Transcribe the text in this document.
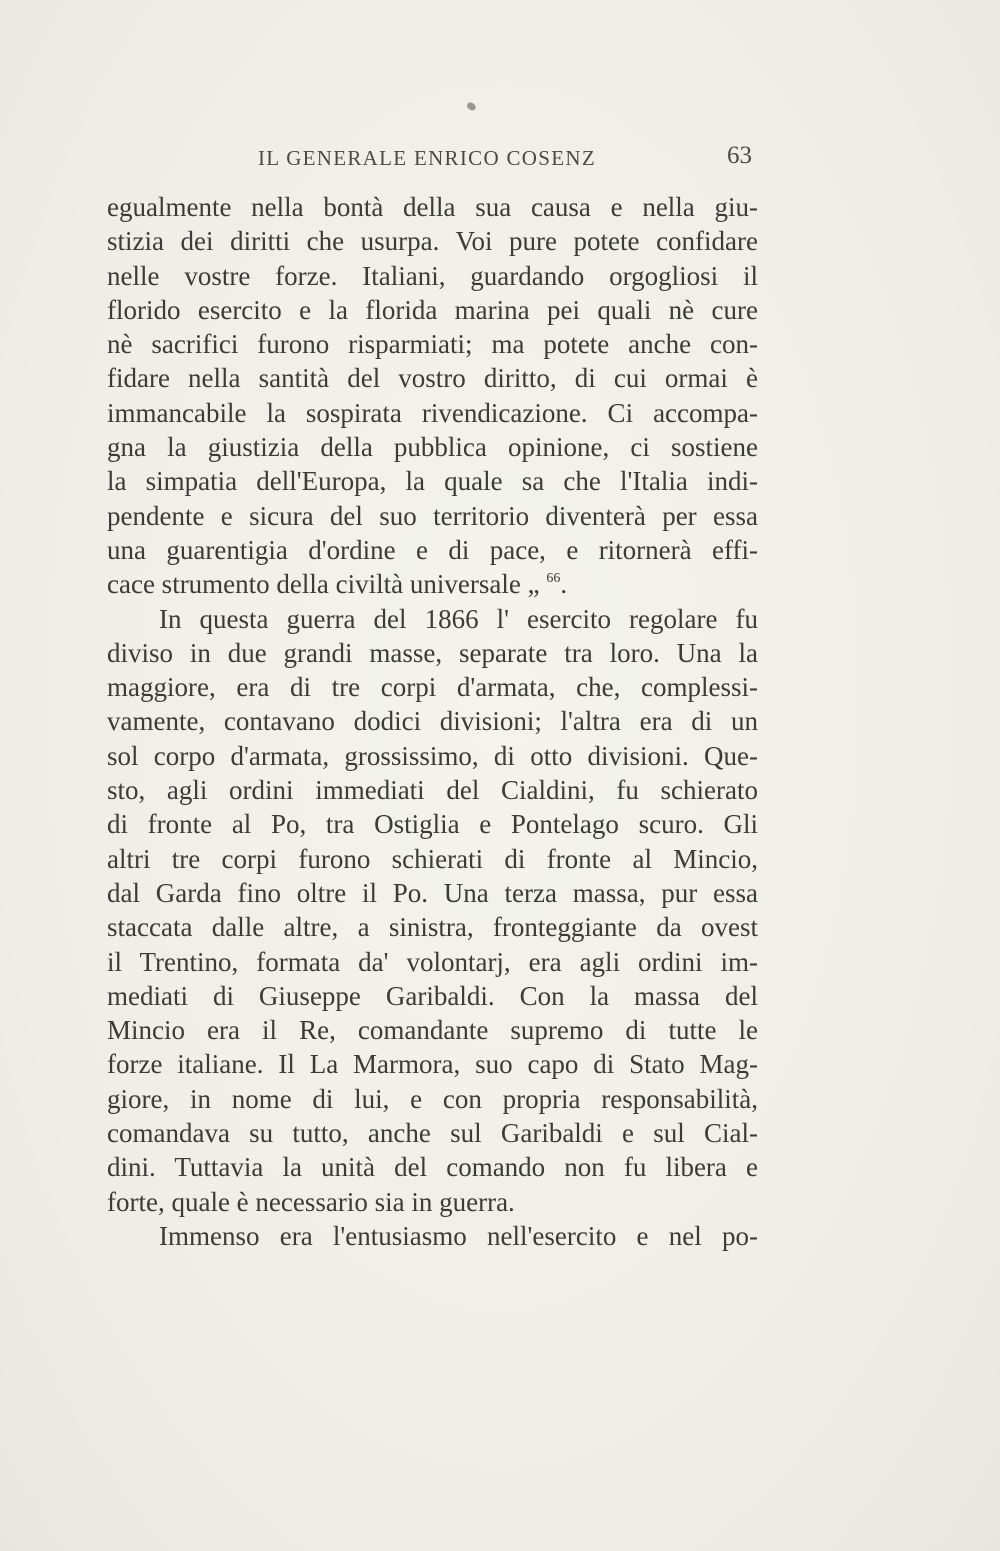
IL GENERALE ENRICO COSENZ	63
egualmente nella bontà della sua causa e nella giu-
stizia dei diritti che usurpa. Voi pure potete confidare
nelle vostre forze. Italiani, guardando orgogliosi il
florido esercito e la florida marina pei quali nè cure
nè sacrifici furono risparmiati; ma potete anche con-
fidare nella santità del vostro diritto, di cui ormai è
immancabile la sospirata rivendicazione. Ci accompa-
gna la giustizia della pubblica opinione, ci sostiene
la simpatia dell'Europa, la quale sa che l'Italia indi-
pendente e sicura del suo territorio diventerà per essa
una guarentigia d'ordine e di pace, e ritornerà effi-
cace strumento della civiltà universale „ $^{66}$.
In questa guerra del 1866 l' esercito regolare fu
diviso in due grandi masse, separate tra loro. Una la
maggiore, era di tre corpi d'armata, che, complessi-
vamente, contavano dodici divisioni; l'altra era di un
sol corpo d'armata, grossissimo, di otto divisioni. Que-
sto, agli ordini immediati del Cialdini, fu schierato
di fronte al Po, tra Ostiglia e Pontelago scuro. Gli
altri tre corpi furono schierati di fronte al Mincio,
dal Garda fino oltre il Po. Una terza massa, pur essa
staccata dalle altre, a sinistra, fronteggiante da ovest
il Trentino, formata da' volontarj, era agli ordini im-
mediati di Giuseppe Garibaldi. Con la massa del
Mincio era il Re, comandante supremo di tutte le
forze italiane. Il La Marmora, suo capo di Stato Mag-
giore, in nome di lui, e con propria responsabilità,
comandava su tutto, anche sul Garibaldi e sul Cial-
dini. Tuttavia la unità del comando non fu libera e
forte, quale è necessario sia in guerra.
Immenso era l'entusiasmo nell'esercito e nel po-
